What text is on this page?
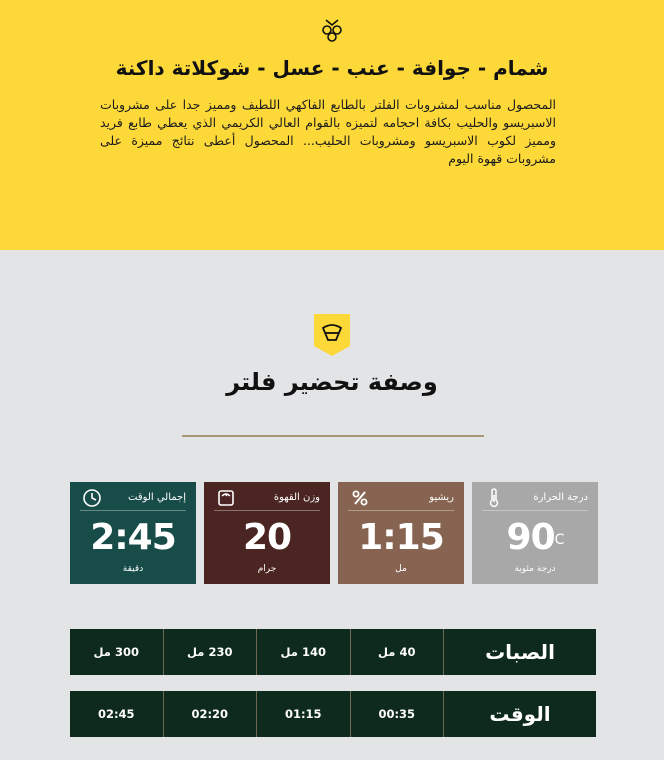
شمام - جوافة - عنب - عسل - شوكلاتة داكنة

المحصول مناسب لمشروبات الفلتر بالطابع الفاكهي اللطيف ومميز جدا على مشروبات الاسبريسو والحليب بكافة احجامه لتميزه بالقوام العالي الكريمي الذي يعطي طابع فريد ومميز لكوب الاسبريسو ومشروبات الحليب... المحصول أعطى نتائج مميزة على مشروبات قهوة اليوم

وصفة تحضير فلتر
إجمالي الوقت
2:45
دقيقة
وزن القهوة
20
جرام
ريشيو
1:15
مل
درجة الحرارة
$90^C$
درجة مئوية
الصبات
40 مل
140 مل
230 مل
300 مل
الوقت
00:35
01:15
02:20
02:45
